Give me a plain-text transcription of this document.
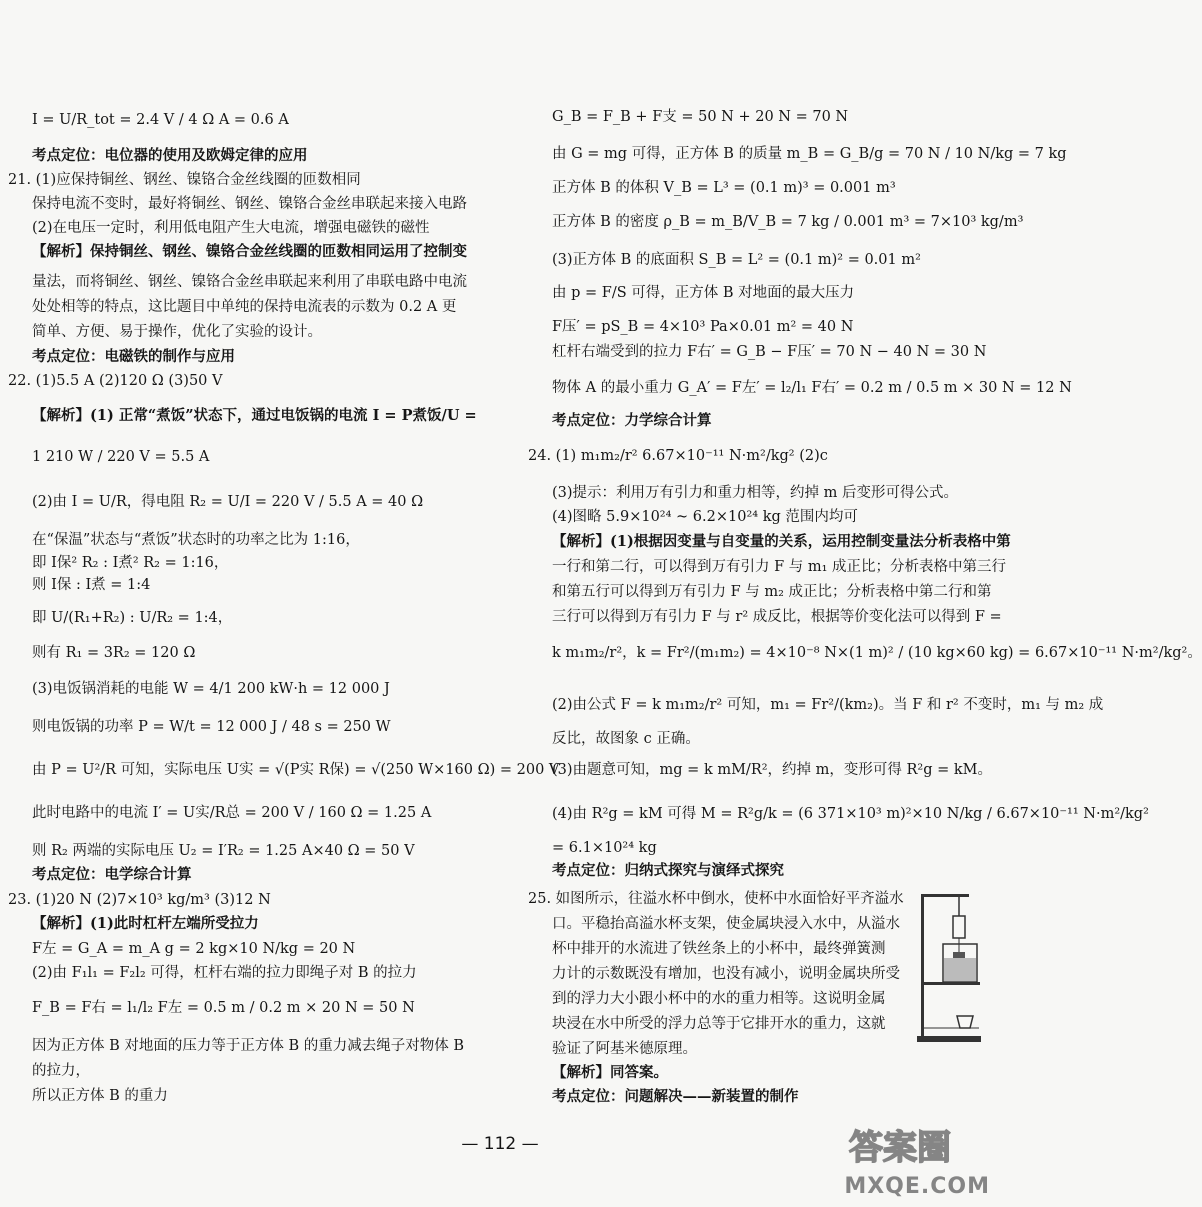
I = U/R_tot = 2.4 V / 4 Ω A = 0.6 A
考点定位：电位器的使用及欧姆定律的应用
21. (1)应保持铜丝、钢丝、镍铬合金丝线圈的匝数相同
保持电流不变时，最好将铜丝、钢丝、镍铬合金丝串联起来接入电路
(2)在电压一定时，利用低电阻产生大电流，增强电磁铁的磁性
【解析】保持铜丝、钢丝、镍铬合金丝线圈的匝数相同运用了控制变
量法，而将铜丝、钢丝、镍铬合金丝串联起来利用了串联电路中电流
处处相等的特点，这比题目中单纯的保持电流表的示数为 0.2 A 更
简单、方便、易于操作，优化了实验的设计。
考点定位：电磁铁的制作与应用
22. (1)5.5 A (2)120 Ω (3)50 V
【解析】(1) 正常“煮饭”状态下，通过电饭锅的电流 I = P煮饭/U =
1 210 W / 220 V = 5.5 A
(2)由 I = U/R，得电阻 R₂ = U/I = 220 V / 5.5 A = 40 Ω
在“保温”状态与“煮饭”状态时的功率之比为 1:16，
即 I保² R₂ : I煮² R₂ = 1:16，
则 I保 : I煮 = 1:4
即 U/(R₁+R₂) : U/R₂ = 1:4，
则有 R₁ = 3R₂ = 120 Ω
(3)电饭锅消耗的电能 W = 4/1 200 kW·h = 12 000 J
则电饭锅的功率 P = W/t = 12 000 J / 48 s = 250 W
由 P = U²/R 可知，实际电压 U实 = √(P实 R保) = √(250 W×160 Ω) = 200 V
此时电路中的电流 I′ = U实/R总 = 200 V / 160 Ω = 1.25 A
则 R₂ 两端的实际电压 U₂ = I′R₂ = 1.25 A×40 Ω = 50 V
考点定位：电学综合计算
23. (1)20 N (2)7×10³ kg/m³ (3)12 N
【解析】(1)此时杠杆左端所受拉力
F左 = G_A = m_A g = 2 kg×10 N/kg = 20 N
(2)由 F₁l₁ = F₂l₂ 可得，杠杆右端的拉力即绳子对 B 的拉力
F_B = F右 = l₁/l₂ F左 = 0.5 m / 0.2 m × 20 N = 50 N
因为正方体 B 对地面的压力等于正方体 B 的重力减去绳子对物体 B
的拉力，
所以正方体 B 的重力
G_B = F_B + F支 = 50 N + 20 N = 70 N
由 G = mg 可得，正方体 B 的质量 m_B = G_B/g = 70 N / 10 N/kg = 7 kg
正方体 B 的体积 V_B = L³ = (0.1 m)³ = 0.001 m³
正方体 B 的密度 ρ_B = m_B/V_B = 7 kg / 0.001 m³ = 7×10³ kg/m³
(3)正方体 B 的底面积 S_B = L² = (0.1 m)² = 0.01 m²
由 p = F/S 可得，正方体 B 对地面的最大压力
F压′ = pS_B = 4×10³ Pa×0.01 m² = 40 N
杠杆右端受到的拉力 F右′ = G_B − F压′ = 70 N − 40 N = 30 N
物体 A 的最小重力 G_A′ = F左′ = l₂/l₁ F右′ = 0.2 m / 0.5 m × 30 N = 12 N
考点定位：力学综合计算
24. (1) m₁m₂/r² 6.67×10⁻¹¹ N·m²/kg² (2)c
(3)提示：利用万有引力和重力相等，约掉 m 后变形可得公式。
(4)图略 5.9×10²⁴ ~ 6.2×10²⁴ kg 范围内均可
【解析】(1)根据因变量与自变量的关系，运用控制变量法分析表格中第
一行和第二行，可以得到万有引力 F 与 m₁ 成正比；分析表格中第三行
和第五行可以得到万有引力 F 与 m₂ 成正比；分析表格中第二行和第
三行可以得到万有引力 F 与 r² 成反比，根据等价变化法可以得到 F =
k m₁m₂/r²，k = Fr²/(m₁m₂) = 4×10⁻⁸ N×(1 m)² / (10 kg×60 kg) = 6.67×10⁻¹¹ N·m²/kg²。
(2)由公式 F = k m₁m₂/r² 可知，m₁ = Fr²/(km₂)。当 F 和 r² 不变时，m₁ 与 m₂ 成
反比，故图象 c 正确。
(3)由题意可知，mg = k mM/R²，约掉 m，变形可得 R²g = kM。
(4)由 R²g = kM 可得 M = R²g/k = (6 371×10³ m)²×10 N/kg / 6.67×10⁻¹¹ N·m²/kg²
= 6.1×10²⁴ kg
考点定位：归纳式探究与演绎式探究
25. 如图所示，往溢水杯中倒水，使杯中水面恰好平齐溢水
口。平稳抬高溢水杯支架，使金属块浸入水中，从溢水
杯中排开的水流进了铁丝条上的小杯中，最终弹簧测
力计的示数既没有增加，也没有减小，说明金属块所受
到的浮力大小跟小杯中的水的重力相等。这说明金属
块浸在水中所受的浮力总等于它排开水的重力，这就
验证了阿基米德原理。
【解析】同答案。
考点定位：问题解决——新装置的制作
— 112 —	答案圈
MXQE.COM
